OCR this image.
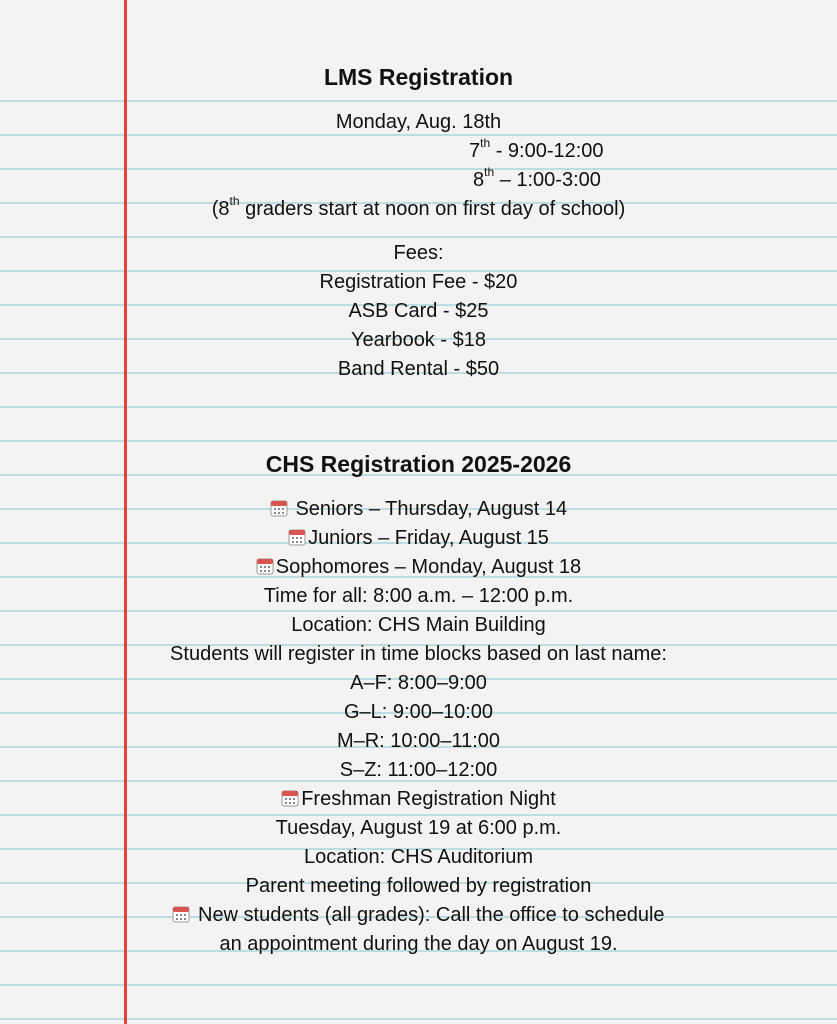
LMS Registration
Monday, Aug. 18th
7th - 9:00-12:00
8th – 1:00-3:00
(8th graders start at noon on first day of school)
Fees:
Registration Fee - $20
ASB Card - $25
Yearbook - $18
Band Rental - $50
CHS Registration 2025-2026
Seniors – Thursday, August 14
Juniors – Friday, August 15
Sophomores – Monday, August 18
Time for all: 8:00 a.m. – 12:00 p.m.
Location: CHS Main Building
Students will register in time blocks based on last name:
A–F: 8:00–9:00
G–L: 9:00–10:00
M–R: 10:00–11:00
S–Z: 11:00–12:00
Freshman Registration Night
Tuesday, August 19 at 6:00 p.m.
Location: CHS Auditorium
Parent meeting followed by registration
New students (all grades): Call the office to schedule
an appointment during the day on August 19.
